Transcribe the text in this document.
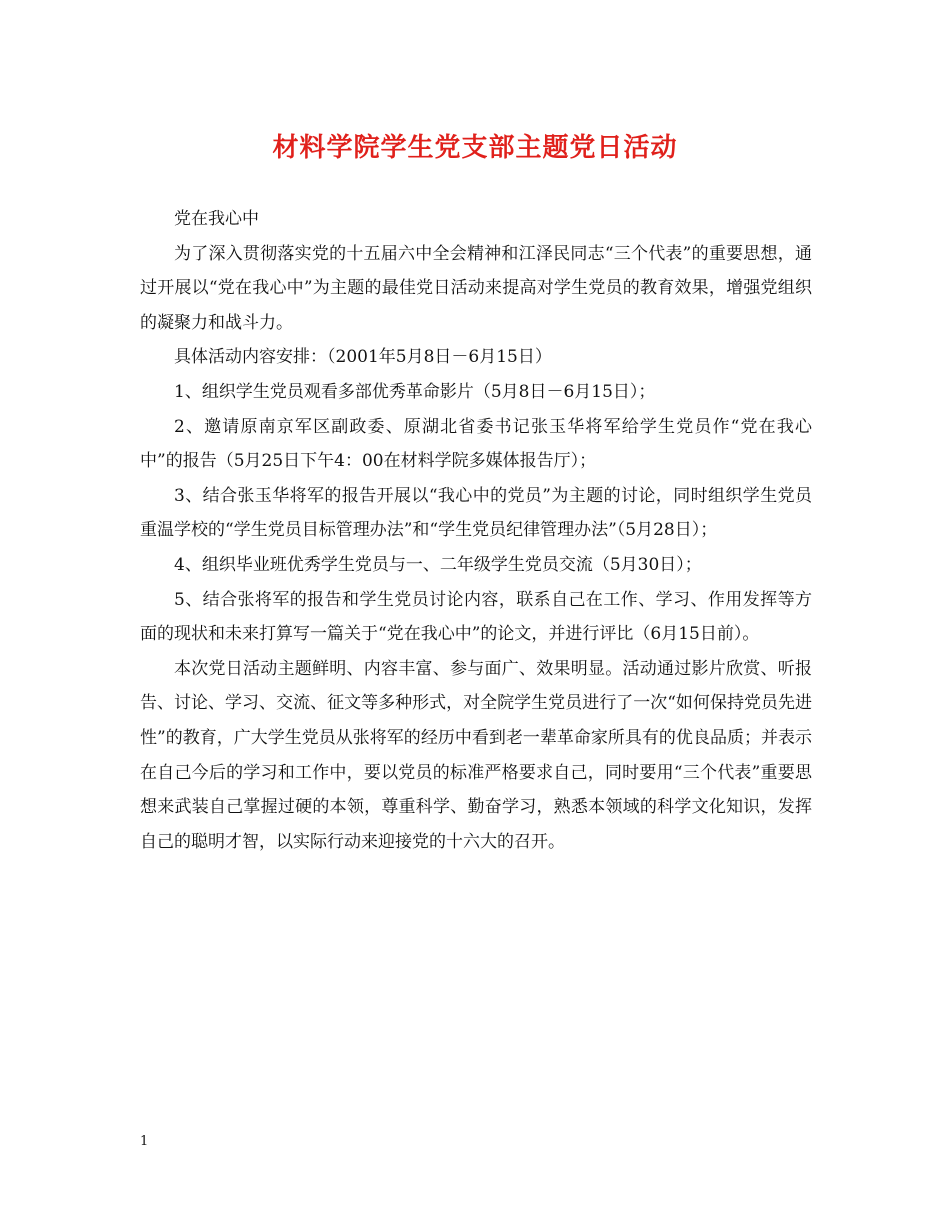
材料学院学生党支部主题党日活动

党在我心中

为了深入贯彻落实党的十五届六中全会精神和江泽民同志“三个代表”的重要思想，通过开展以“党在我心中”为主题的最佳党日活动来提高对学生党员的教育效果，增强党组织的凝聚力和战斗力。

具体活动内容安排：（2001年5月8日－6月15日）

1、组织学生党员观看多部优秀革命影片（5月8日－6月15日）；

2、邀请原南京军区副政委、原湖北省委书记张玉华将军给学生党员作“党在我心中”的报告（5月25日下午4：00在材料学院多媒体报告厅）；

3、结合张玉华将军的报告开展以“我心中的党员”为主题的讨论，同时组织学生党员重温学校的“学生党员目标管理办法”和“学生党员纪律管理办法”（5月28日）；

4、组织毕业班优秀学生党员与一、二年级学生党员交流（5月30日）；

5、结合张将军的报告和学生党员讨论内容，联系自己在工作、学习、作用发挥等方面的现状和未来打算写一篇关于“党在我心中”的论文，并进行评比（6月15日前）。

本次党日活动主题鲜明、内容丰富、参与面广、效果明显。活动通过影片欣赏、听报告、讨论、学习、交流、征文等多种形式，对全院学生党员进行了一次“如何保持党员先进性”的教育，广大学生党员从张将军的经历中看到老一辈革命家所具有的优良品质；并表示在自己今后的学习和工作中，要以党员的标准严格要求自己，同时要用“三个代表”重要思想来武装自己掌握过硬的本领，尊重科学、勤奋学习，熟悉本领域的科学文化知识，发挥自己的聪明才智，以实际行动来迎接党的十六大的召开。

1
